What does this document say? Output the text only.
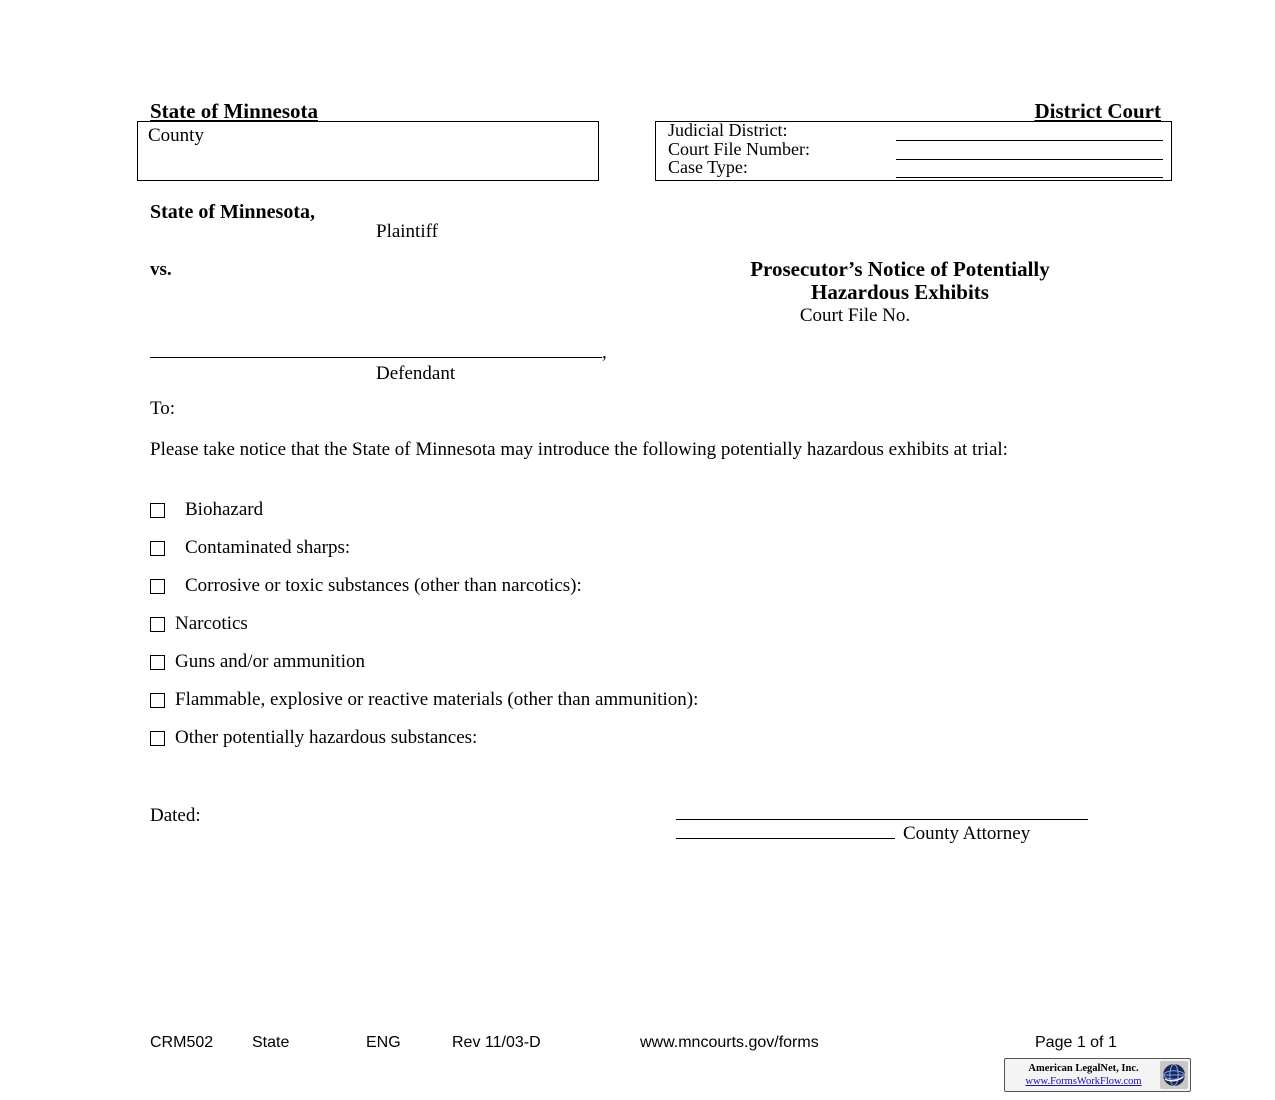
State of Minnesota	District Court
County	Judicial District:
Court File Number:
Case Type:
State of Minnesota,
Plaintiff
vs.	Prosecutor’s Notice of Potentially
Hazardous Exhibits
Court File No.
,
Defendant
To:
Please take notice that the State of Minnesota may introduce the following potentially hazardous exhibits at trial:
Biohazard
Contaminated sharps:
Corrosive or toxic substances (other than narcotics):
Narcotics
Guns and/or ammunition
Flammable, explosive or reactive materials (other than ammunition):
Other potentially hazardous substances:
Dated:
County Attorney
CRM502 State	ENG	Rev 11/03-D	www.mncourts.gov/forms	Page 1 of 1
American LegalNet, Inc.
www.FormsWorkFlow.com
